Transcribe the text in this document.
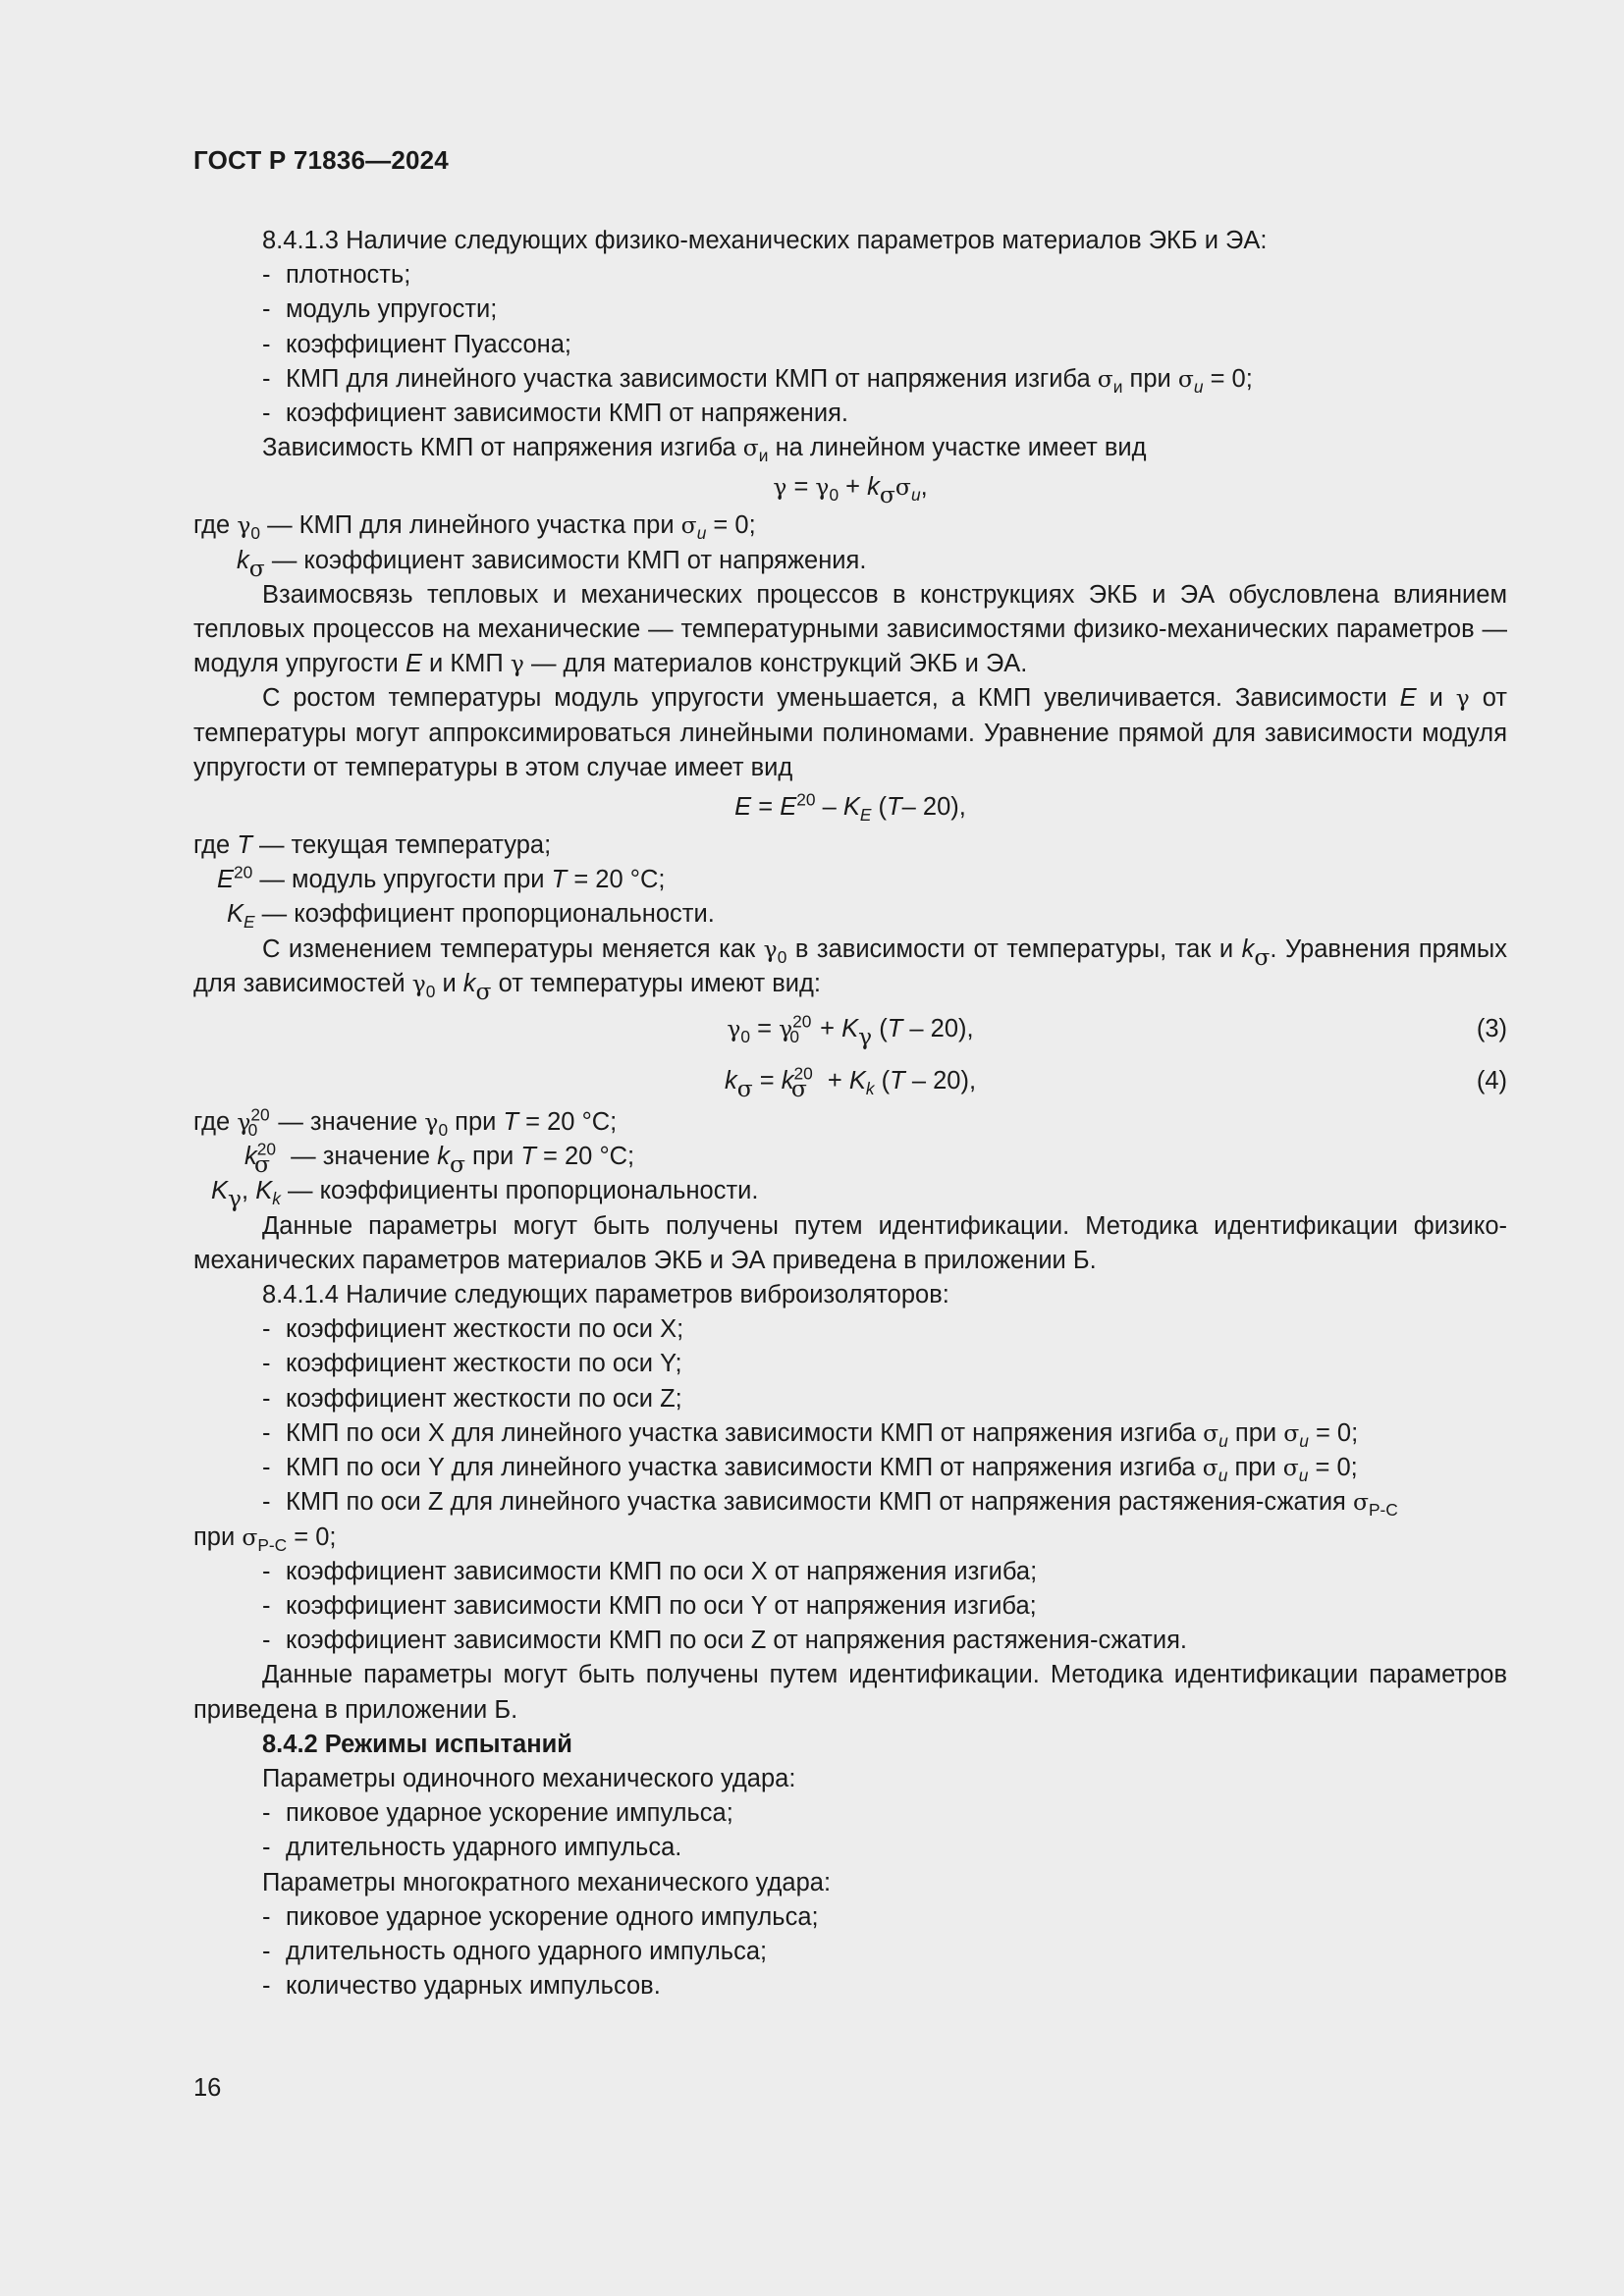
ГОСТ Р 71836—2024

8.4.1.3 Наличие следующих физико-механических параметров материалов ЭКБ и ЭА:

- плотность;

- модуль упругости;

- коэффициент Пуассона;

- КМП для линейного участка зависимости КМП от напряжения изгиба $\sigma_и$ при $\sigma_u = 0$;

- коэффициент зависимости КМП от напряжения.

Зависимость КМП от напряжения изгиба $\sigma_и$ на линейном участке имеет вид

$\gamma = \gamma_0 + k_\sigma\sigma_u$,

где $\gamma_0$ — КМП для линейного участка при $\sigma_u = 0$;

$k_\sigma$ — коэффициент зависимости КМП от напряжения.

Взаимосвязь тепловых и механических процессов в конструкциях ЭКБ и ЭА обусловлена влиянием тепловых процессов на механические — температурными зависимостями физико-механических параметров — модуля упругости E и КМП γ — для материалов конструкций ЭКБ и ЭА.

С ростом температуры модуль упругости уменьшается, а КМП увеличивается. Зависимости E и γ от температуры могут аппроксимироваться линейными полиномами. Уравнение прямой для зависимости модуля упругости от температуры в этом случае имеет вид

$E = E^{20} - K_E$ (T– 20),

где T — текущая температура;

$E^{20}$ — модуль упругости при T = 20 °C;

$K_E$ — коэффициент пропорциональности.

С изменением температуры меняется как $\gamma_0$ в зависимости от температуры, так и $k_\sigma$. Уравнения прямых для зависимостей $\gamma_0$ и $k_\sigma$ от температуры имеют вид:

$\gamma_0 = \gamma^{20}_0 + K_\gamma$ (T – 20),	(3)

$k_\sigma = k^{20}_\sigma + K_k$ (T – 20),	(4)

где $\gamma^{20}_0$ — значение $\gamma_0$ при T = 20 °C;

$k^{20}_\sigma$ — значение $k_\sigma$ при T = 20 °C;

$K_\gamma$, $K_k$ — коэффициенты пропорциональности.

Данные параметры могут быть получены путем идентификации. Методика идентификации физико-механических параметров материалов ЭКБ и ЭА приведена в приложении Б.

8.4.1.4 Наличие следующих параметров виброизоляторов:

- коэффициент жесткости по оси X;

- коэффициент жесткости по оси Y;

- коэффициент жесткости по оси Z;

- КМП по оси X для линейного участка зависимости КМП от напряжения изгиба $\sigma_u$ при $\sigma_u = 0$;

- КМП по оси Y для линейного участка зависимости КМП от напряжения изгиба $\sigma_u$ при $\sigma_u = 0$;

- КМП по оси Z для линейного участка зависимости КМП от напряжения растяжения-сжатия $\sigma_{Р-С}$

при $\sigma_{Р-С} = 0$;

- коэффициент зависимости КМП по оси X от напряжения изгиба;

- коэффициент зависимости КМП по оси Y от напряжения изгиба;

- коэффициент зависимости КМП по оси Z от напряжения растяжения-сжатия.

Данные параметры могут быть получены путем идентификации. Методика идентификации параметров приведена в приложении Б.

8.4.2 Режимы испытаний

Параметры одиночного механического удара:

- пиковое ударное ускорение импульса;

- длительность ударного импульса.

Параметры многократного механического удара:

- пиковое ударное ускорение одного импульса;

- длительность одного ударного импульса;

- количество ударных импульсов.

16
